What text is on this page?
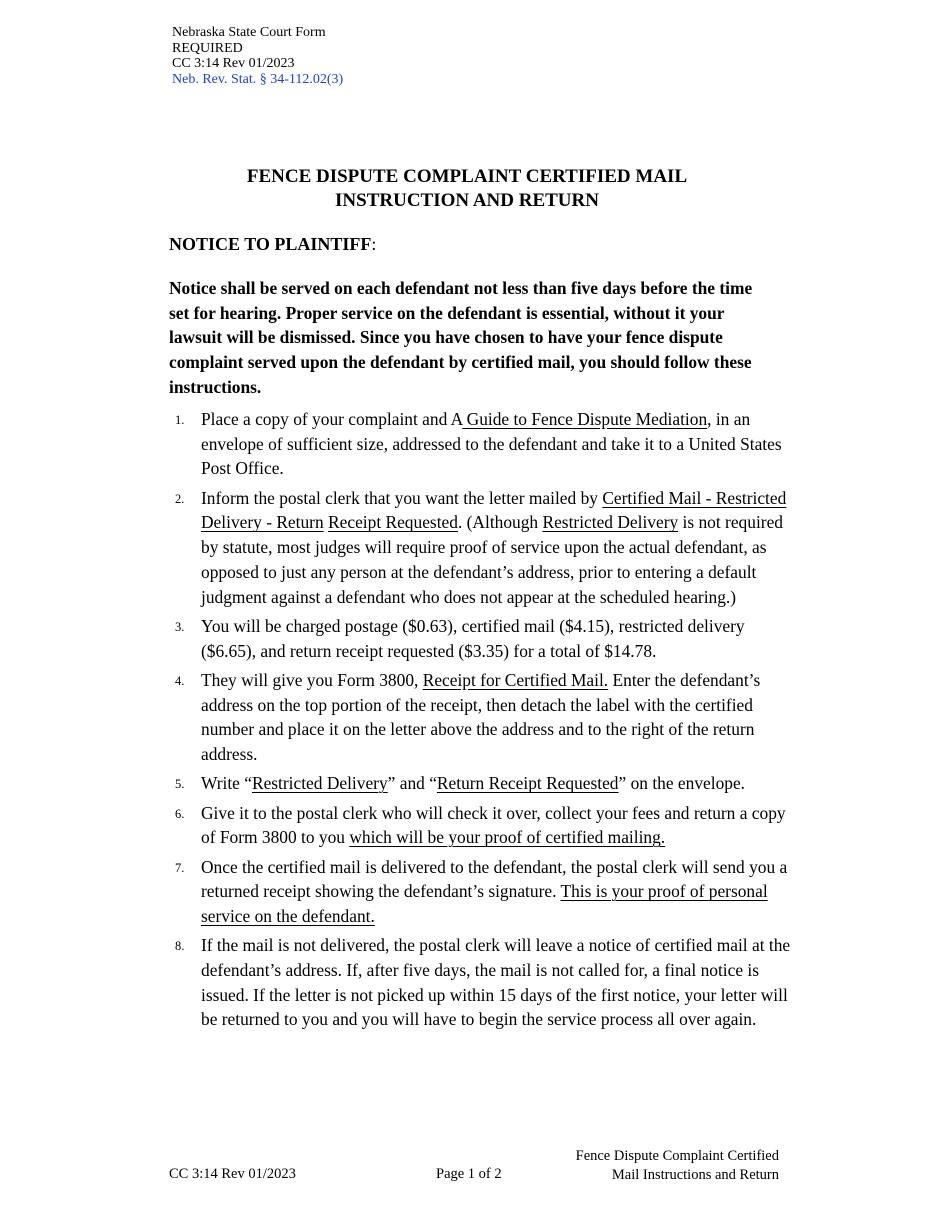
Nebraska State Court Form
REQUIRED
CC 3:14 Rev 01/2023
Neb. Rev. Stat. § 34-112.02(3)
FENCE DISPUTE COMPLAINT CERTIFIED MAIL
INSTRUCTION AND RETURN
NOTICE TO PLAINTIFF:
Notice shall be served on each defendant not less than five days before the time set for hearing. Proper service on the defendant is essential, without it your lawsuit will be dismissed. Since you have chosen to have your fence dispute complaint served upon the defendant by certified mail, you should follow these instructions.
1. Place a copy of your complaint and A Guide to Fence Dispute Mediation, in an envelope of sufficient size, addressed to the defendant and take it to a United States Post Office.
2. Inform the postal clerk that you want the letter mailed by Certified Mail - Restricted Delivery - Return Receipt Requested. (Although Restricted Delivery is not required by statute, most judges will require proof of service upon the actual defendant, as opposed to just any person at the defendant’s address, prior to entering a default judgment against a defendant who does not appear at the scheduled hearing.)
3. You will be charged postage ($0.63), certified mail ($4.15), restricted delivery ($6.65), and return receipt requested ($3.35) for a total of $14.78.
4. They will give you Form 3800, Receipt for Certified Mail. Enter the defendant’s address on the top portion of the receipt, then detach the label with the certified number and place it on the letter above the address and to the right of the return address.
5. Write “Restricted Delivery” and “Return Receipt Requested” on the envelope.
6. Give it to the postal clerk who will check it over, collect your fees and return a copy of Form 3800 to you which will be your proof of certified mailing.
7. Once the certified mail is delivered to the defendant, the postal clerk will send you a returned receipt showing the defendant’s signature. This is your proof of personal service on the defendant.
8. If the mail is not delivered, the postal clerk will leave a notice of certified mail at the defendant’s address. If, after five days, the mail is not called for, a final notice is issued. If the letter is not picked up within 15 days of the first notice, your letter will be returned to you and you will have to begin the service process all over again.
CC 3:14 Rev 01/2023	Page 1 of 2
Fence Dispute Complaint Certified
Mail Instructions and Return
